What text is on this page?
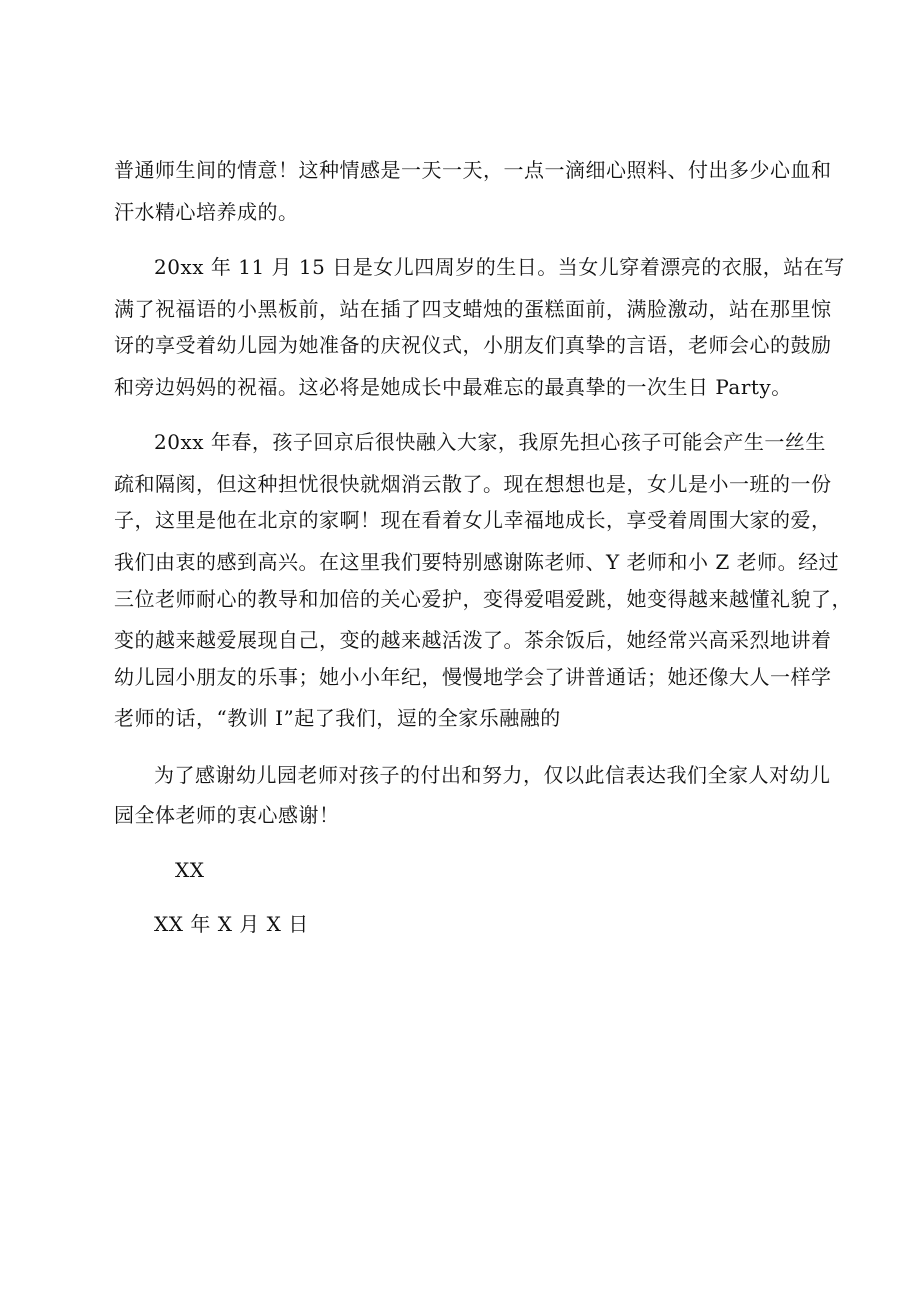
普通师生间的情意！这种情感是一天一天，一点一滴细心照料、付出多少心血和
汗水精心培养成的。
20xx 年 11 月 15 日是女儿四周岁的生日。当女儿穿着漂亮的衣服，站在写
满了祝福语的小黑板前，站在插了四支蜡烛的蛋糕面前，满脸激动，站在那里惊
讶的享受着幼儿园为她准备的庆祝仪式，小朋友们真挚的言语，老师会心的鼓励
和旁边妈妈的祝福。这必将是她成长中最难忘的最真挚的一次生日 Party。
20xx 年春，孩子回京后很快融入大家，我原先担心孩子可能会产生一丝生
疏和隔阂，但这种担忧很快就烟消云散了。现在想想也是，女儿是小一班的一份
子，这里是他在北京的家啊！现在看着女儿幸福地成长，享受着周围大家的爱，
我们由衷的感到高兴。在这里我们要特别感谢陈老师、Y 老师和小 Z 老师。经过
三位老师耐心的教导和加倍的关心爱护，变得爱唱爱跳，她变得越来越懂礼貌了，
变的越来越爱展现自己，变的越来越活泼了。茶余饭后，她经常兴高采烈地讲着
幼儿园小朋友的乐事；她小小年纪，慢慢地学会了讲普通话；她还像大人一样学
老师的话，“教训 I”起了我们，逗的全家乐融融的
为了感谢幼儿园老师对孩子的付出和努力，仅以此信表达我们全家人对幼儿
园全体老师的衷心感谢！
XX
XX 年 X 月 X 日
